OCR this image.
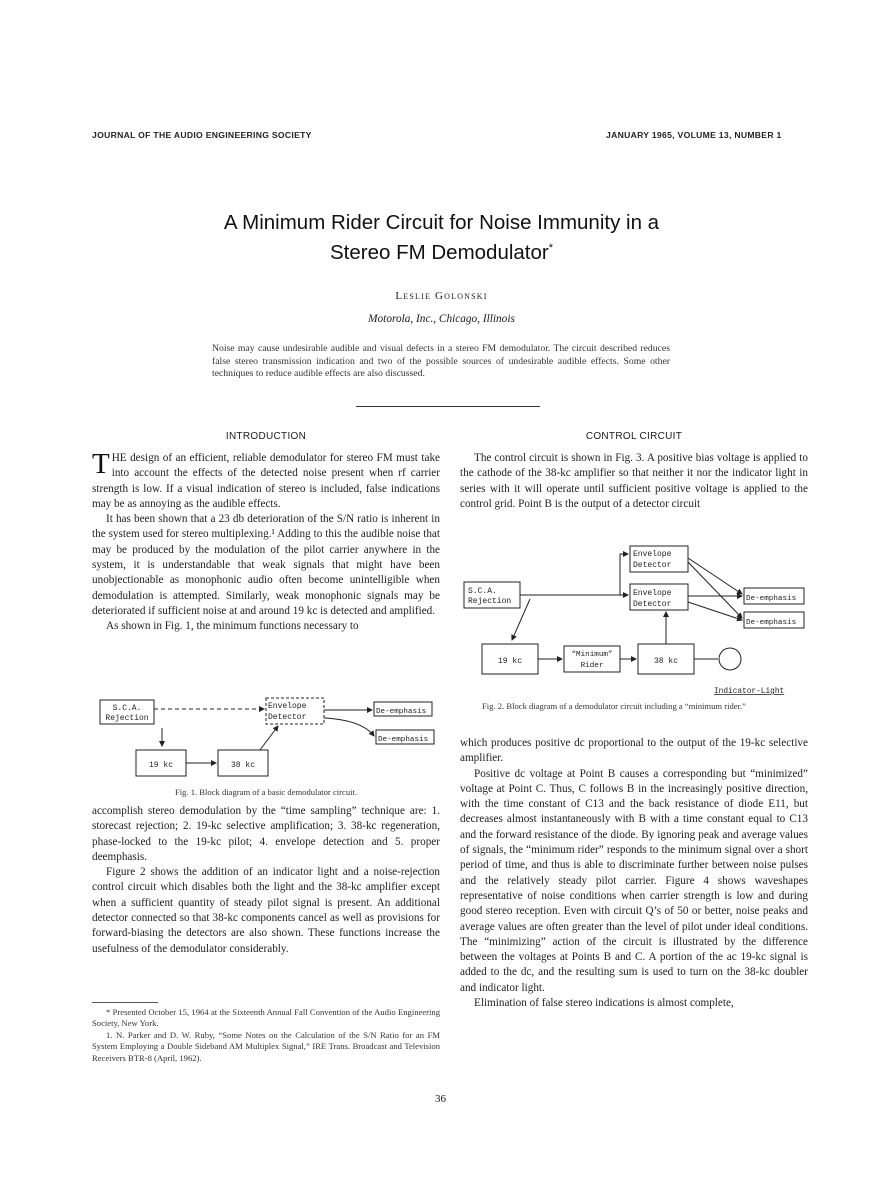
JOURNAL OF THE AUDIO ENGINEERING SOCIETY	JANUARY 1965, VOLUME 13, NUMBER 1
A Minimum Rider Circuit for Noise Immunity in a
Stereo FM Demodulator*
Leslie Golonski
Motorola, Inc., Chicago, Illinois
Noise may cause undesirable audible and visual defects in a stereo FM demodulator. The circuit described reduces false stereo transmission indication and two of the possible sources of undesirable audible effects. Some other techniques to reduce audible effects are also discussed.
INTRODUCTION

THE design of an efficient, reliable demodulator for stereo FM must take into account the effects of the detected noise present when rf carrier strength is low. If a visual indication of stereo is included, false indications may be as annoying as the audible effects.

It has been shown that a 23 db deterioration of the S/N ratio is inherent in the system used for stereo multiplexing.¹ Adding to this the audible noise that may be produced by the modulation of the pilot carrier anywhere in the system, it is understandable that weak signals that might have been unobjectionable as monophonic audio often become unintelligible when demodulation is attempted. Similarly, weak monophonic signals may be deteriorated if sufficient noise at and around 19 kc is detected and amplified.

As shown in Fig. 1, the minimum functions necessary to

S.C.A.
Rejection
Envelope
Detector
De-emphasis
De-emphasis
19 kc	38 kc
Fig. 1. Block diagram of a basic demodulator circuit.

accomplish stereo demodulation by the “time sampling” technique are: 1. storecast rejection; 2. 19-kc selective amplification; 3. 38-kc regeneration, phase-locked to the 19-kc pilot; 4. envelope detection and 5. proper deemphasis.

Figure 2 shows the addition of an indicator light and a noise-rejection control circuit which disables both the light and the 38-kc amplifier except when a sufficient quantity of steady pilot signal is present. An additional detector connected so that 38-kc components cancel as well as provisions for forward-biasing the detectors are also shown. These functions increase the usefulness of the demodulator considerably.

* Presented October 15, 1964 at the Sixteenth Annual Fall Convention of the Audio Engineering Society, New York.

1. N. Parker and D. W. Ruby, “Some Notes on the Calculation of the S/N Ratio for an FM System Employing a Double Sideband AM Multiplex Signal,” IRE Trans. Broadcast and Television Receivers BTR-8 (April, 1962).

CONTROL CIRCUIT

The control circuit is shown in Fig. 3. A positive bias voltage is applied to the cathode of the 38-kc amplifier so that neither it nor the indicator light in series with it will operate until sufficient positive voltage is applied to the control grid. Point B is the output of a detector circuit

S.C.A.
Rejection
Envelope
Detector
Envelope
Detector
De-emphasis
De-emphasis
19 kc
“Minimum”
Rider	38 kc
Indicator-Light
Fig. 2. Block diagram of a demodulator circuit including a “minimum rider.”

which produces positive dc proportional to the output of the 19-kc selective amplifier.

Positive dc voltage at Point B causes a corresponding but “minimized” voltage at Point C. Thus, C follows B in the increasingly positive direction, with the time constant of C13 and the back resistance of diode E11, but decreases almost instantaneously with B with a time constant equal to C13 and the forward resistance of the diode. By ignoring peak and average values of signals, the “minimum rider” responds to the minimum signal over a short period of time, and thus is able to discriminate further between noise pulses and the relatively steady pilot carrier. Figure 4 shows waveshapes representative of noise conditions when carrier strength is low and during good stereo reception. Even with circuit Q’s of 50 or better, noise peaks and average values are often greater than the level of pilot under ideal conditions. The “minimizing” action of the circuit is illustrated by the difference between the voltages at Points B and C. A portion of the ac 19-kc signal is added to the dc, and the resulting sum is used to turn on the 38-kc doubler and indicator light.

Elimination of false stereo indications is almost complete,

36
